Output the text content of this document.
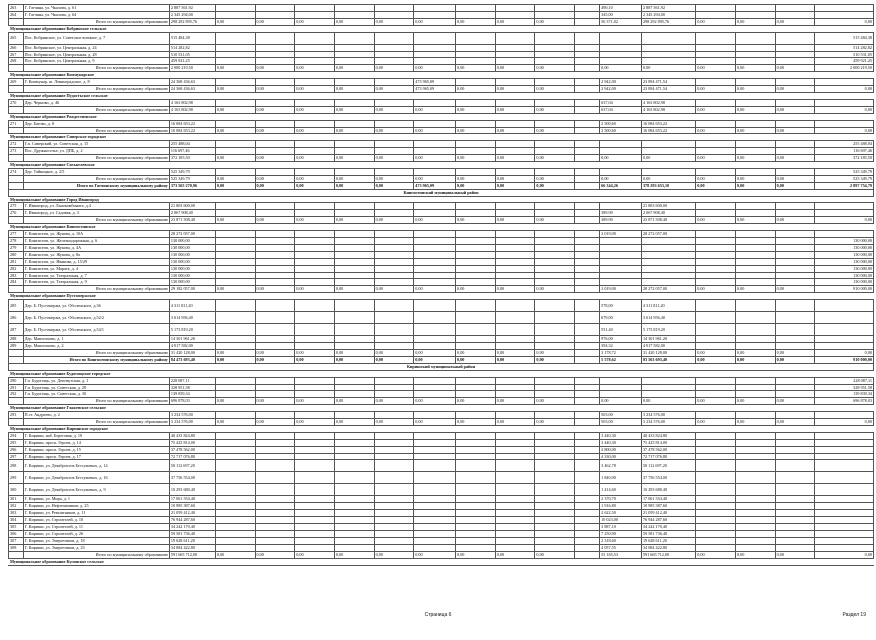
263	Г. Гатчина, ул. Чкалова, д. 61	2 887 561,92											490,10	2 887 561,92				
264	Г. Гатчина, ул. Чкалова, д. 64	2 345 294,00											345,00	2 345 294,00				
	Итого по муниципальному образованию	298 292 895,76	0,00	0,00	0,00	0,00	0,00	0,00	0,00	0,00	0,00		56 371,02	298 292 895,76	0,00	0,00	0,00	0,00
Муниципальное образование Кобринское сельское																		
265	Пос. Кобринское, ул. Советское военное, д. 7	515 484,38																515 484,38
266	Пос. Кобринское, ул. Центральная, д. 24	514 282,82																514 282,82
267	Пос. Кобринское, ул. Центральная, д. 28	510 531,05																510 531,05
268	Пос. Кобринское, ул. Центральная, д. 9	459 921,25																459 921,25
	Итого по муниципальному образованию	2 000 219,50	0,00	0,00	0,00	0,00	0,00	0,00	0,00	0,00	0,00		0,00	0,00	0,00	0,00	0,00	2 000 219,50
Муниципальное образование Коммунарское																		
269	Г. Коммунар, ш. Ленинградское, д. 8	24 368 436,63						473 965,09					2 942,00	23 894 471,54				
	Итого по муниципальному образованию	24 368 436,63	0,00	0,00	0,00	0,00	0,00	473 965,09	0,00	0,00	0,00		2 942,00	23 894 471,54	0,00	0,00	0,00	0,00
Муниципальное образование Пудостьское сельское																		
270	Дер. Черново, д. 46	4 163 802,98											637,04	4 163 802,98				
	Итого по муниципальному образованию	4 163 802,98	0,00	0,00	0,00	0,00	0,00	0,00	0,00	0,00	0,00		637,04	4 163 802,98	0,00	0,00	0,00	0,00
Муниципальное образование Рождественское																		
271	Дер. Батово, д. 8	16 084 653,22											2 500,60	16 084 653,22				
	Итого по муниципальному образованию	16 084 653,22	0,00	0,00	0,00	0,00	0,00	0,00	0,00	0,00	0,00		2 500,60	16 084 653,22	0,00	0,00	0,00	0,00
Муниципальное образование Сиверское городское																		
272	Г.п. Сиверский, ул. Советская, д. 15	255 488,04																255 488,04
273	Пос. Дружноселье, ул. ДПБ, д. 2	116 697,46																116 697,46
	Итого по муниципальному образованию	372 185,50	0,00	0,00	0,00	0,00	0,00	0,00	0,00	0,00	0,00		0,00	0,00	0,00	0,00	0,00	372 185,50
Муниципальное образование Сяськелевское																		
274	Дер. Тайницкое, д. 2/5	525 349,79																525 349,79
	Итого по муниципальному образованию	525 349,79	0,00	0,00	0,00	0,00	0,00	0,00	0,00	0,00	0,00		0,00	0,00	0,00	0,00	0,00	525 349,79
	Итого по Гатчинскому муниципальному району	373 565 270,96	0,00	0,00	0,00	0,00	0,00	473 965,09	0,00	0,00	0,00		66 344,26	378 293 653,10	0,00	0,00	0,00	2 897 754,79
Кингисеппский муниципальный район																		
Муниципальное образование Город Ивангород																		
275	Г. Ивангород, ул. Льнокомбината, д.4	21 803 600,00												21 803 600,00				
276	Г. Ивангород, ул. Садовая, д. 3	2 067 908,40											389,90	2 067 908,40				
	Итого по муниципальному образованию	23 871 508,40	0,00	0,00	0,00	0,00	0,00	0,00	0,00	0,00	0,00		389,90	23 871 508,40	0,00	0,00	0,00	0,00
Муниципальное образование Кингисеппское																		
277	Г. Кингисепп, ул. Жукова, д. 10А	28 272 057,00											2 019,00	28 272 057,00				
278	Г. Кингисепп, ул. Железнодорожная, д. 6	130 000,00																130 000,00
279	Г. Кингисепп, ул. Жукова, д. 4А	130 000,00																130 000,00
280	Г. Кингисепп, ул. Жукова, д. 8а	130 000,00																130 000,00
281	Г. Кингисепп, ул. Иванова, д. 15/29	130 000,00																130 000,00
282	Г. Кингисепп, ул. Марата, д. 4	130 000,00																130 000,00
283	Г. Кингисепп, ул. Театральная, д. 7	130 000,00																130 000,00
284	Г. Кингисепп, ул. Театральная, д. 9	130 000,00																130 000,00
	Итого по муниципальному образованию	29 182 057,00	0,00	0,00	0,00	0,00	0,00	0,00	0,00	0,00	0,00		2 019,00	28 272 057,00	0,00	0,00	0,00	910 000,00
Муниципальное образование Пустомержское																		
285	Дер. Б. Пустомержа, ул. Оболенского, д.36	4 311 811,20											578,00	4 311 811,20				
286	Дер. Б. Пустомержа, ул. Оболенского, д.52/2	3 614 956,40											679,00	3 614 956,40				
287	Дер. Б. Пустомержа, ул. Оболенского, д.54/1	5 173 819,20											551,40	5 173 819,20				
288	Дер. Манчгоково, д. 1	14 301 961,20											976,00	14 301 961,20				
289	Дер. Манчгоково, д. 2	4 017 582,00											394,32	4 017 582,00				
	Итого по муниципальному образованию	31 420 128,00	0,00	0,00	0,00	0,00	0,00	0,00	0,00	0,00	0,00		3 178,72	31 420 128,00	0,00	0,00	0,00	0,00
	Итого по Кингисеппскому муниципальному району	84 473 693,40	0,00	0,00	0,00	0,00	0,00	0,00	0,00	0,00	0,00		5 578,62	83 563 693,40	0,00	0,00	0,00	910 000,00
Киришский муниципальный район																		
Муниципальное образование Будогощское городское																		
290	Г.п. Будогощь, ул. Деповутская, д. 1	228 087,11																228 087,11
291	Г.п. Будогощь, ул. Советская, д. 29	328 951,58																328 951,58
292	Г.п. Будогощь, ул. Советская, д. 30	139 839,34																139 839,34
	Итого по муниципальному образованию	696 878,03	0,00	0,00	0,00	0,00	0,00	0,00	0,00	0,00	0,00		0,00	0,00	0,00	0,00	0,00	696 878,03
Муниципальное образование Глажевское сельское																		
293	П.ст. Андреево, д. 2	3 234 576,00											503,00	3 234 576,00				
	Итого по муниципальному образованию	3 234 576,00	0,00	0,00	0,00	0,00	0,00	0,00	0,00	0,00	0,00		503,00	3 234 576,00	0,00	0,00	0,00	0,00
Муниципальное образование Киришское городское																		
294	Г. Кириши, наб. Береговая, д. 10	40 433 824,80											3 440,30	40 433 824,80				
295	Г. Кириши, просп. Героев, д. 14	75 425 814,00											3 440,30	75 425 814,00				
296	Г. Кириши, просп. Героев, д. 15	37 478 562,00											2 800,00	37 478 562,00				
297	Г. Кириши, просп. Героев, д. 17	72 717 076,80											4 330,00	72 717 076,80				
298	Г. Кириши, ул. Декабристов Бестужевых, д. 14	50 112 697,20											3 462,78	50 112 697,20				
299	Г. Кириши, ул. Декабристов Бестужевых, д. 16	37 756 554,00											1 840,00	37 756 554,00				
300	Г. Кириши, ул. Декабристов Бестужевых, д. 9	10 293 680,40											1 414,60	10 293 680,40				
301	Г. Кириши, ул. Мира, д. 1	17 061 554,40											2 370,70	17 061 554,40				
302	Г. Кириши, ул. Нефтехимиков, д. 25	10 985 387,60											1 916,80	10 985 387,60				
303	Г. Кириши, ул. Ремонтников, д. 11	21 059 412,40											2 622,50	21 059 412,40				
304	Г. Кириши, ул. Строителей, д. 10	76 944 287,60											10 023,00	76 944 287,60				
305	Г. Кириши, ул. Строителей, д. 11	34 242 170,40											3 887,10	34 242 170,40				
306	Г. Кириши, ул. Строителей, д. 26	59 581 736,40											7 250,90	59 581 736,40				
307	Г. Кириши, ул. Энергетиков, д. 18	19 628 611,20											2 318,60	19 628 611,20				
308	Г. Кириши, ул. Энергетиков, д. 23	34 084 422,80											4 057,55	34 084 422,80				
	Итого по муниципальному образованию	591 665 712,00	0,00	0,00	0,00	0,00	0,00	0,00	0,00	0,00	0,00		55 165,53	591 665 712,00	0,00	0,00	0,00	0,00
Муниципальное образование Кусинское сельское																		
Страница 6	Раздел 19
